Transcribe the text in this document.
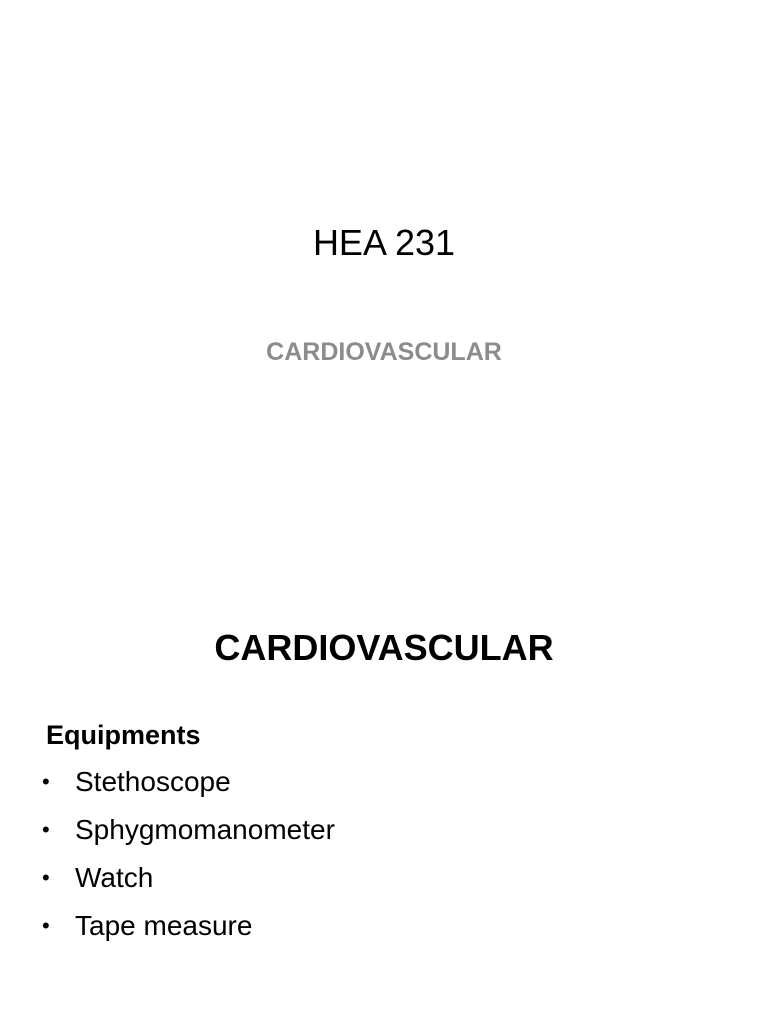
HEA 231
CARDIOVASCULAR
CARDIOVASCULAR
Equipments
• Stethoscope
• Sphygmomanometer
• Watch
• Tape measure
